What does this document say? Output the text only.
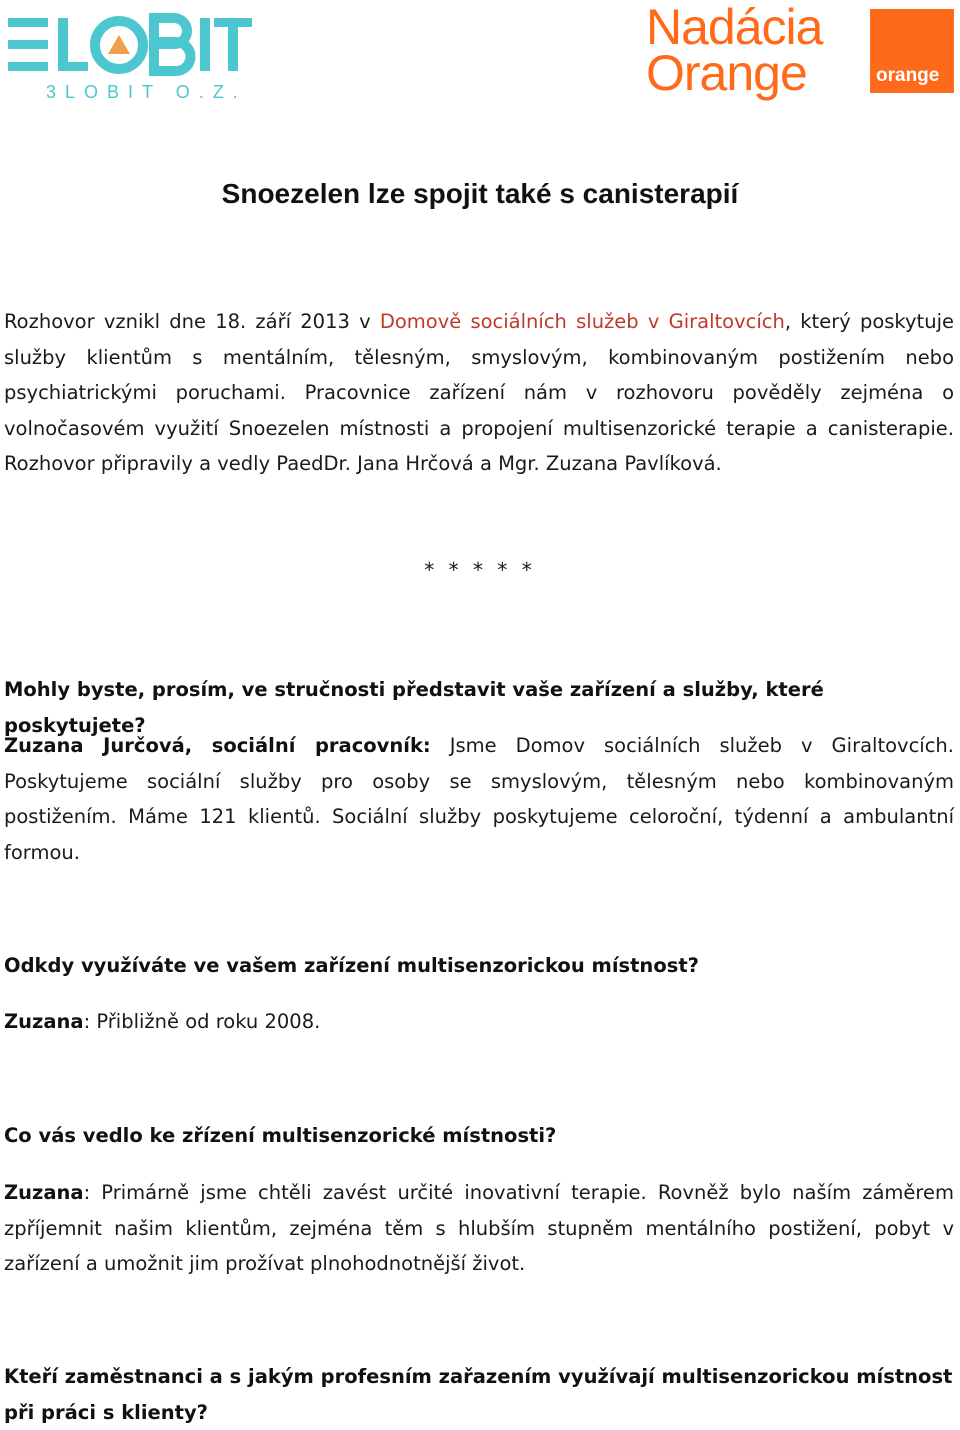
3LOBIT O.Z.
Nadácia
Orange	orange
Snoezelen lze spojit také s canisterapií
Rozhovor vznikl dne 18. září 2013 v Domově sociálních služeb v Giraltovcích, který poskytuje služby klientům s mentálním, tělesným, smyslovým, kombinovaným postižením nebo psychiatrickými poruchami. Pracovnice zařízení nám v rozhovoru pověděly zejména o volnočasovém využití Snoezelen místnosti a propojení multisenzorické terapie a canisterapie. Rozhovor připravily a vedly PaedDr. Jana Hrčová a Mgr. Zuzana Pavlíková.
* * * * *
Mohly byste, prosím, ve stručnosti představit vaše zařízení a služby, které poskytujete?
Zuzana Jurčová, sociální pracovník: Jsme Domov sociálních služeb v Giraltovcích. Poskytujeme sociální služby pro osoby se smyslovým, tělesným nebo kombinovaným postižením. Máme 121 klientů. Sociální služby poskytujeme celoroční, týdenní a ambulantní formou.
Odkdy využíváte ve vašem zařízení multisenzorickou místnost?
Zuzana: Přibližně od roku 2008.
Co vás vedlo ke zřízení multisenzorické místnosti?
Zuzana: Primárně jsme chtěli zavést určité inovativní terapie. Rovněž bylo naším záměrem zpříjemnit našim klientům, zejména těm s hlubším stupněm mentálního postižení, pobyt v zařízení a umožnit jim prožívat plnohodnotnější život.
Kteří zaměstnanci a s jakým profesním zařazením využívají multisenzorickou místnost při práci s klienty?
